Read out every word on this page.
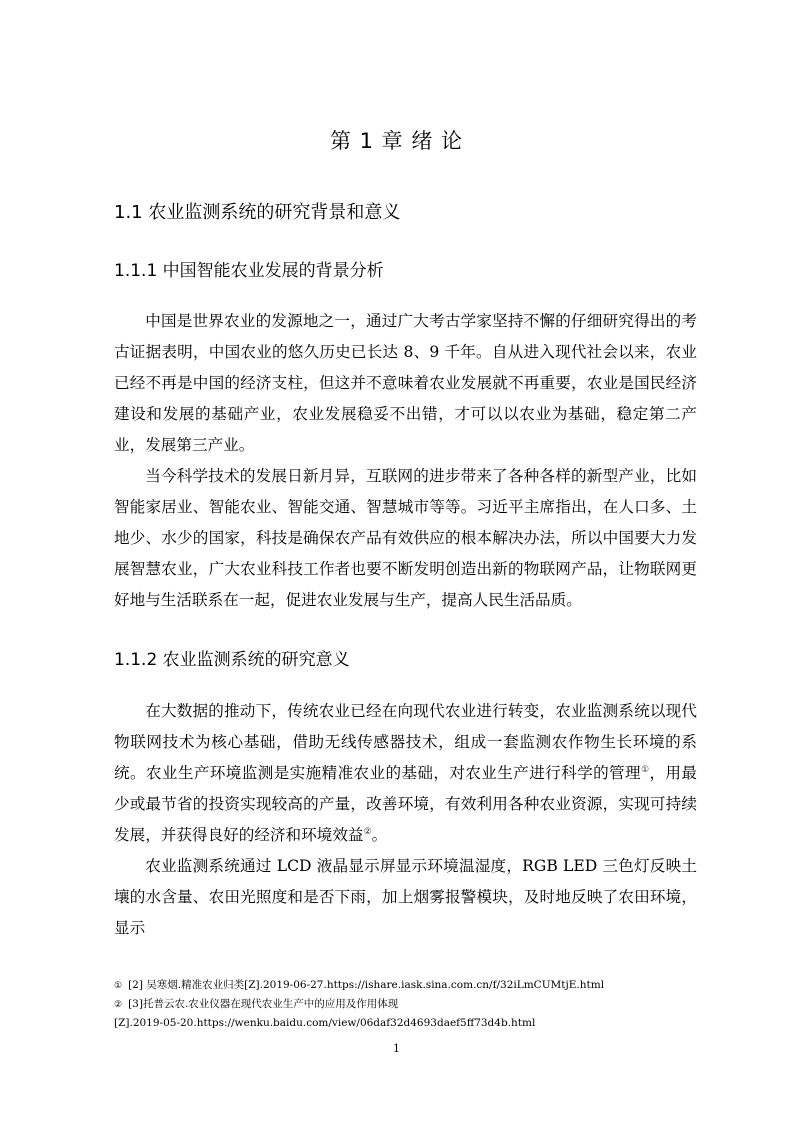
第 1 章 绪 论
1.1 农业监测系统的研究背景和意义
1.1.1 中国智能农业发展的背景分析

中国是世界农业的发源地之一，通过广大考古学家坚持不懈的仔细研究得出的考古证据表明，中国农业的悠久历史已长达 8、9 千年。自从进入现代社会以来，农业已经不再是中国的经济支柱，但这并不意味着农业发展就不再重要，农业是国民经济建设和发展的基础产业，农业发展稳妥不出错，才可以以农业为基础，稳定第二产业，发展第三产业。

当今科学技术的发展日新月异，互联网的进步带来了各种各样的新型产业，比如智能家居业、智能农业、智能交通、智慧城市等等。习近平主席指出，在人口多、土地少、水少的国家，科技是确保农产品有效供应的根本解决办法，所以中国要大力发展智慧农业，广大农业科技工作者也要不断发明创造出新的物联网产品，让物联网更好地与生活联系在一起，促进农业发展与生产，提高人民生活品质。

1.1.2 农业监测系统的研究意义

在大数据的推动下，传统农业已经在向现代农业进行转变，农业监测系统以现代物联网技术为核心基础，借助无线传感器技术，组成一套监测农作物生长环境的系统。农业生产环境监测是实施精准农业的基础，对农业生产进行科学的管理①，用最少或最节省的投资实现较高的产量，改善环境，有效利用各种农业资源，实现可持续发展，并获得良好的经济和环境效益②。

农业监测系统通过 LCD 液晶显示屏显示环境温湿度，RGB LED 三色灯反映土壤的水含量、农田光照度和是否下雨，加上烟雾报警模块，及时地反映了农田环境，显示

① [2] 吴寒烟.精准农业归类[Z].2019-06-27.https://ishare.iask.sina.com.cn/f/32iLmCUMtjE.html
② [3]托普云农.农业仪器在现代农业生产中的应用及作用体现
[Z].2019-05-20.https://wenku.baidu.com/view/06daf32d4693daef5ff73d4b.html
1
